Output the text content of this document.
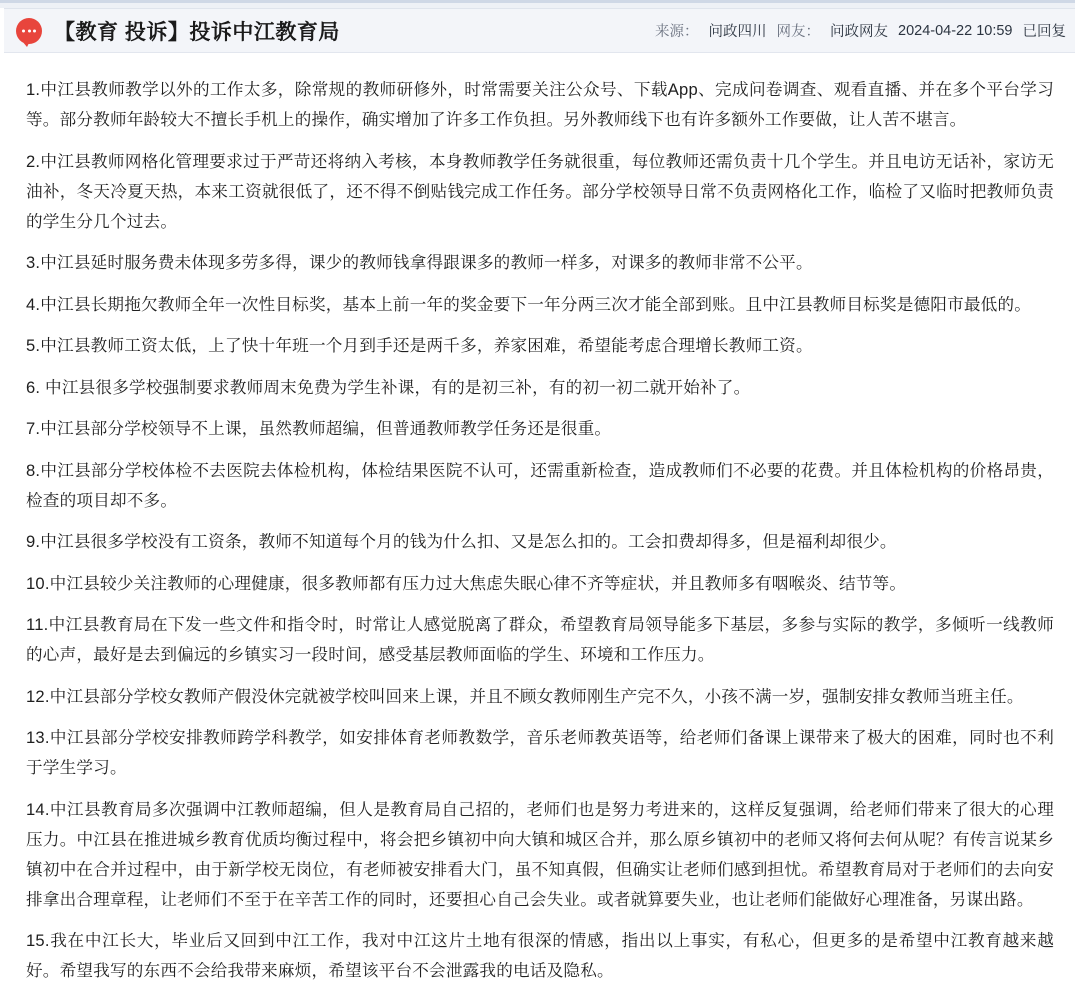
【教育 投诉】投诉中江教育局	来源： 问政四川 网友： 问政网友 2024-04-22 10:59 已回复

1.中江县教师教学以外的工作太多，除常规的教师研修外，时常需要关注公众号、下载App、完成问卷调查、观看直播、并在多个平台学习等。部分教师年龄较大不擅长手机上的操作，确实增加了许多工作负担。另外教师线下也有许多额外工作要做，让人苦不堪言。

2.中江县教师网格化管理要求过于严苛还将纳入考核，本身教师教学任务就很重，每位教师还需负责十几个学生。并且电访无话补，家访无油补，冬天冷夏天热，本来工资就很低了，还不得不倒贴钱完成工作任务。部分学校领导日常不负责网格化工作，临检了又临时把教师负责的学生分几个过去。

3.中江县延时服务费未体现多劳多得，课少的教师钱拿得跟课多的教师一样多，对课多的教师非常不公平。

4.中江县长期拖欠教师全年一次性目标奖，基本上前一年的奖金要下一年分两三次才能全部到账。且中江县教师目标奖是德阳市最低的。

5.中江县教师工资太低，上了快十年班一个月到手还是两千多，养家困难，希望能考虑合理增长教师工资。

6. 中江县很多学校强制要求教师周末免费为学生补课，有的是初三补，有的初一初二就开始补了。

7.中江县部分学校领导不上课，虽然教师超编，但普通教师教学任务还是很重。

8.中江县部分学校体检不去医院去体检机构，体检结果医院不认可，还需重新检查，造成教师们不必要的花费。并且体检机构的价格昂贵，检查的项目却不多。

9.中江县很多学校没有工资条，教师不知道每个月的钱为什么扣、又是怎么扣的。工会扣费却得多，但是福利却很少。

10.中江县较少关注教师的心理健康，很多教师都有压力过大焦虑失眠心律不齐等症状，并且教师多有咽喉炎、结节等。

11.中江县教育局在下发一些文件和指令时，时常让人感觉脱离了群众，希望教育局领导能多下基层，多参与实际的教学，多倾听一线教师的心声，最好是去到偏远的乡镇实习一段时间，感受基层教师面临的学生、环境和工作压力。

12.中江县部分学校女教师产假没休完就被学校叫回来上课，并且不顾女教师刚生产完不久，小孩不满一岁，强制安排女教师当班主任。

13.中江县部分学校安排教师跨学科教学，如安排体育老师教数学，音乐老师教英语等，给老师们备课上课带来了极大的困难，同时也不利于学生学习。

14.中江县教育局多次强调中江教师超编，但人是教育局自己招的，老师们也是努力考进来的，这样反复强调，给老师们带来了很大的心理压力。中江县在推进城乡教育优质均衡过程中，将会把乡镇初中向大镇和城区合并，那么原乡镇初中的老师又将何去何从呢？有传言说某乡镇初中在合并过程中，由于新学校无岗位，有老师被安排看大门，虽不知真假，但确实让老师们感到担忧。希望教育局对于老师们的去向安排拿出合理章程，让老师们不至于在辛苦工作的同时，还要担心自己会失业。或者就算要失业，也让老师们能做好心理准备，另谋出路。

15.我在中江长大，毕业后又回到中江工作，我对中江这片土地有很深的情感，指出以上事实，有私心，但更多的是希望中江教育越来越好。希望我写的东西不会给我带来麻烦，希望该平台不会泄露我的电话及隐私。
